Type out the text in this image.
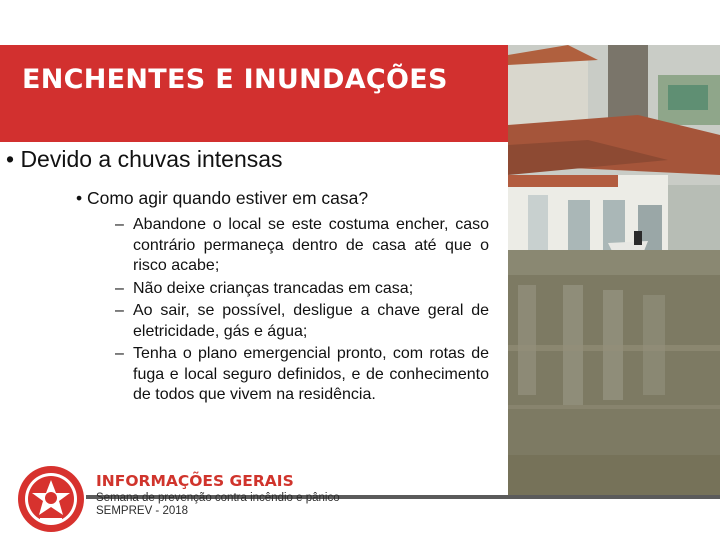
ENCHENTES E INUNDAÇÕES

• Devido a chuvas intensas

• Como agir quando estiver em casa?

– Abandone o local se este costuma encher, caso contrário permaneça dentro de casa até que o risco acabe;
– Não deixe crianças trancadas em casa;
– Ao sair, se possível, desligue a chave geral de eletricidade, gás e água;
– Tenha o plano emergencial pronto, com rotas de fuga e local seguro definidos, e de conhecimento de todos que vivem na residência.

INFORMAÇÕES GERAIS

Semana de prevenção contra incêndio e pânico

SEMPREV - 2018
